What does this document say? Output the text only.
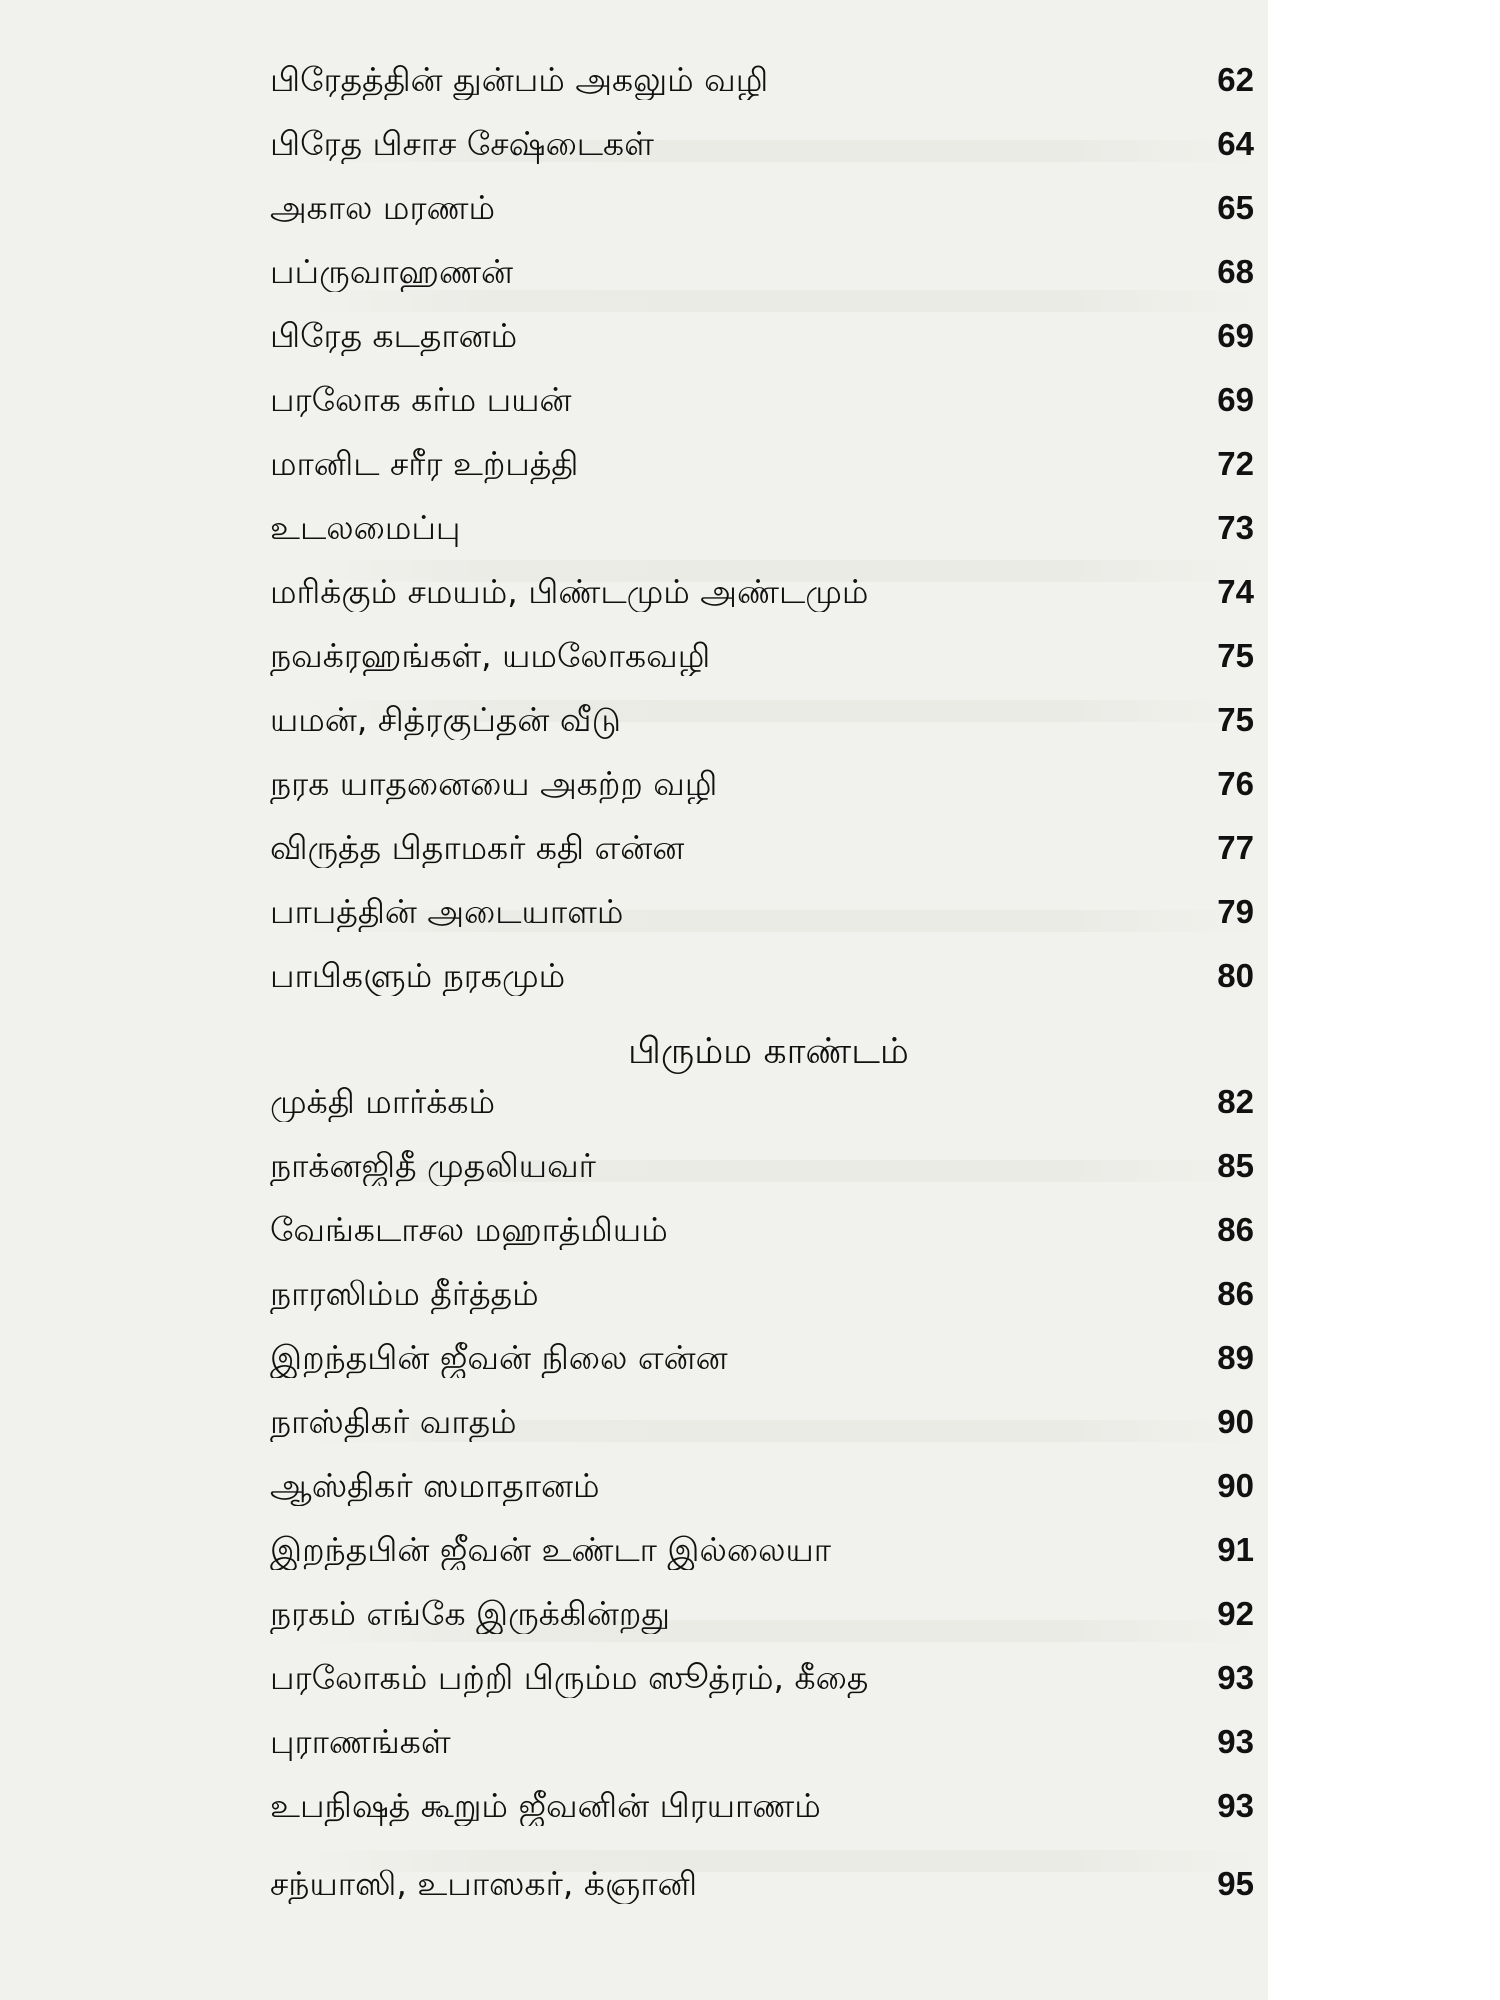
பிரேதத்தின் துன்பம் அகலும் வழி	62
பிரேத பிசாச சேஷ்டைகள்	64
அகால மரணம்	65
பப்ருவாஹணன்	68
பிரேத கடதானம்	69
பரலோக கர்ம பயன்	69
மானிட சரீர உற்பத்தி	72
உடலமைப்பு	73
மரிக்கும் சமயம், பிண்டமும் அண்டமும்	74
நவக்ரஹங்கள், யமலோகவழி	75
யமன், சித்ரகுப்தன் வீடு	75
நரக யாதனையை அகற்ற வழி	76
விருத்த பிதாமகர் கதி என்ன	77
பாபத்தின் அடையாளம்	79
பாபிகளும் நரகமும்	80
பிரும்ம காண்டம்
முக்தி மார்க்கம்	82
நாக்னஜிதீ முதலியவர்	85
வேங்கடாசல மஹாத்மியம்	86
நாரஸிம்ம தீர்த்தம்	86
இறந்தபின் ஜீவன் நிலை என்ன	89
நாஸ்திகர் வாதம்	90
ஆஸ்திகர் ஸமாதானம்	90
இறந்தபின் ஜீவன் உண்டா இல்லையா	91
நரகம் எங்கே இருக்கின்றது	92
பரலோகம் பற்றி பிரும்ம ஸூத்ரம், கீதை	93
புராணங்கள்	93
உபநிஷத் கூறும் ஜீவனின் பிரயாணம்	93
சந்யாஸி, உபாஸகர், க்ஞானி	95
